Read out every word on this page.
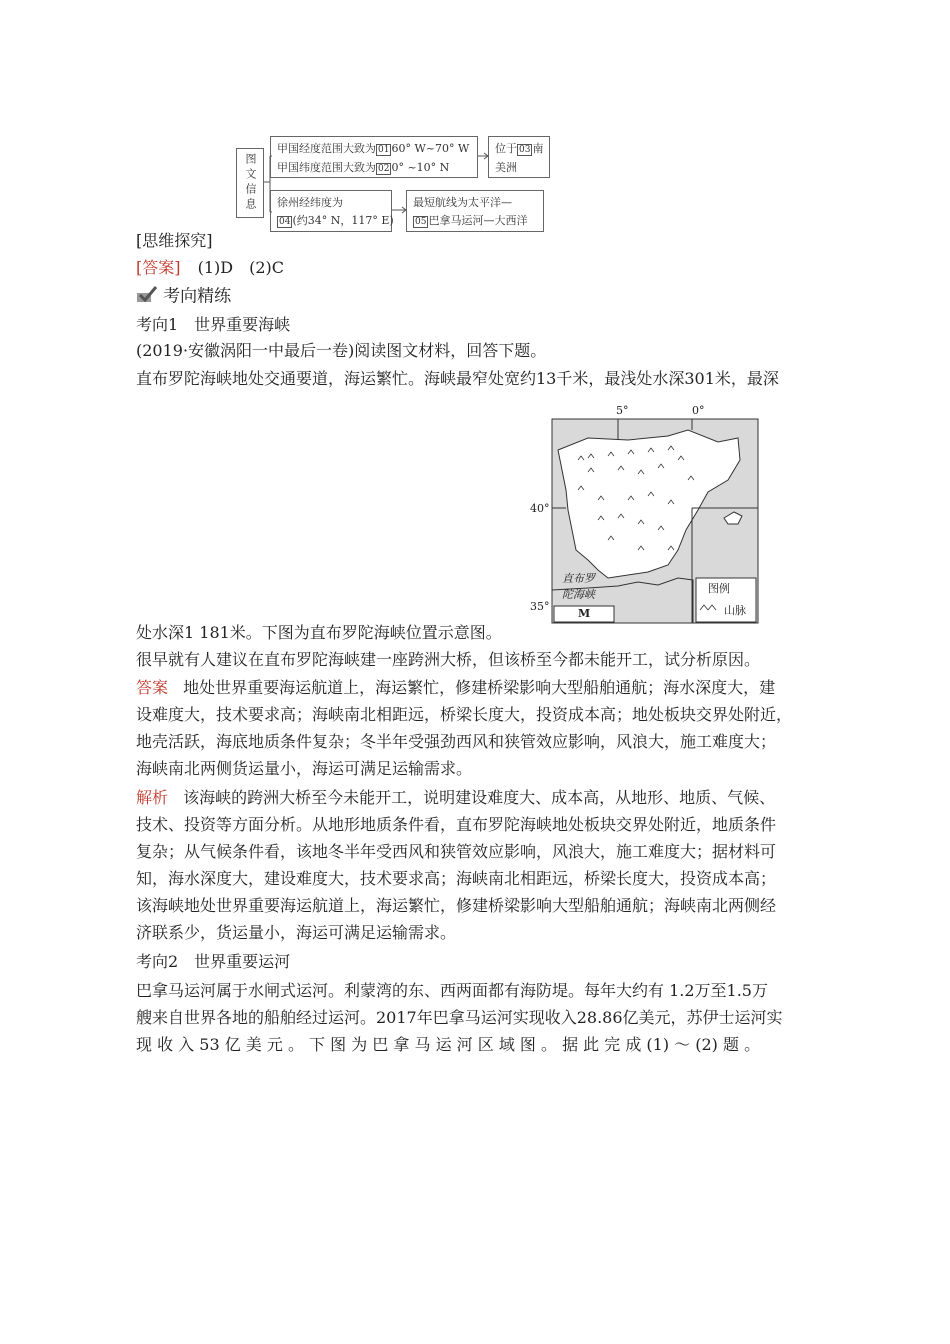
图文信息
甲国经度范围大致为 01 60° W~70° W
甲国纬度范围大致为 02 0° ~10° N
位于 03 南
美洲
徐州经纬度为
04 (约34° N，117° E)
最短航线为太平洋—
05 巴拿马运河—大西洋
[思维探究]
[答案] (1)D　(2)C
考向精练
考向1　世界重要海峡
(2019·安徽涡阳一中最后一卷)阅读图文材料，回答下题。
直布罗陀海峡地处交通要道，海运繁忙。海峡最窄处宽约13千米，最浅处水深301米，最深
5°	0°
40°
35°
直布罗
陀海峡
M
图例
山脉
处水深1 181米。下图为直布罗陀海峡位置示意图。
很早就有人建议在直布罗陀海峡建一座跨洲大桥，但该桥至今都未能开工，试分析原因。
答案 地处世界重要海运航道上，海运繁忙，修建桥梁影响大型船舶通航；海水深度大，建
设难度大，技术要求高；海峡南北相距远，桥梁长度大，投资成本高；地处板块交界处附近，
地壳活跃，海底地质条件复杂；冬半年受强劲西风和狭管效应影响，风浪大，施工难度大；
海峡南北两侧货运量小，海运可满足运输需求。
解析 该海峡的跨洲大桥至今未能开工，说明建设难度大、成本高，从地形、地质、气候、
技术、投资等方面分析。从地形地质条件看，直布罗陀海峡地处板块交界处附近，地质条件
复杂；从气候条件看，该地冬半年受西风和狭管效应影响，风浪大，施工难度大；据材料可
知，海水深度大，建设难度大，技术要求高；海峡南北相距远，桥梁长度大，投资成本高；
该海峡地处世界重要海运航道上，海运繁忙，修建桥梁影响大型船舶通航；海峡南北两侧经
济联系少，货运量小，海运可满足运输需求。
考向2　世界重要运河
巴拿马运河属于水闸式运河。利蒙湾的东、西两面都有海防堤。每年大约有 1.2万至1.5万
艘来自世界各地的船舶经过运河。2017年巴拿马运河实现收入28.86亿美元，苏伊士运河实
现 收 入 53 亿 美 元 。 下 图 为 巴 拿 马 运 河 区 域 图 。 据 此 完 成 (1) ～ (2) 题 。
